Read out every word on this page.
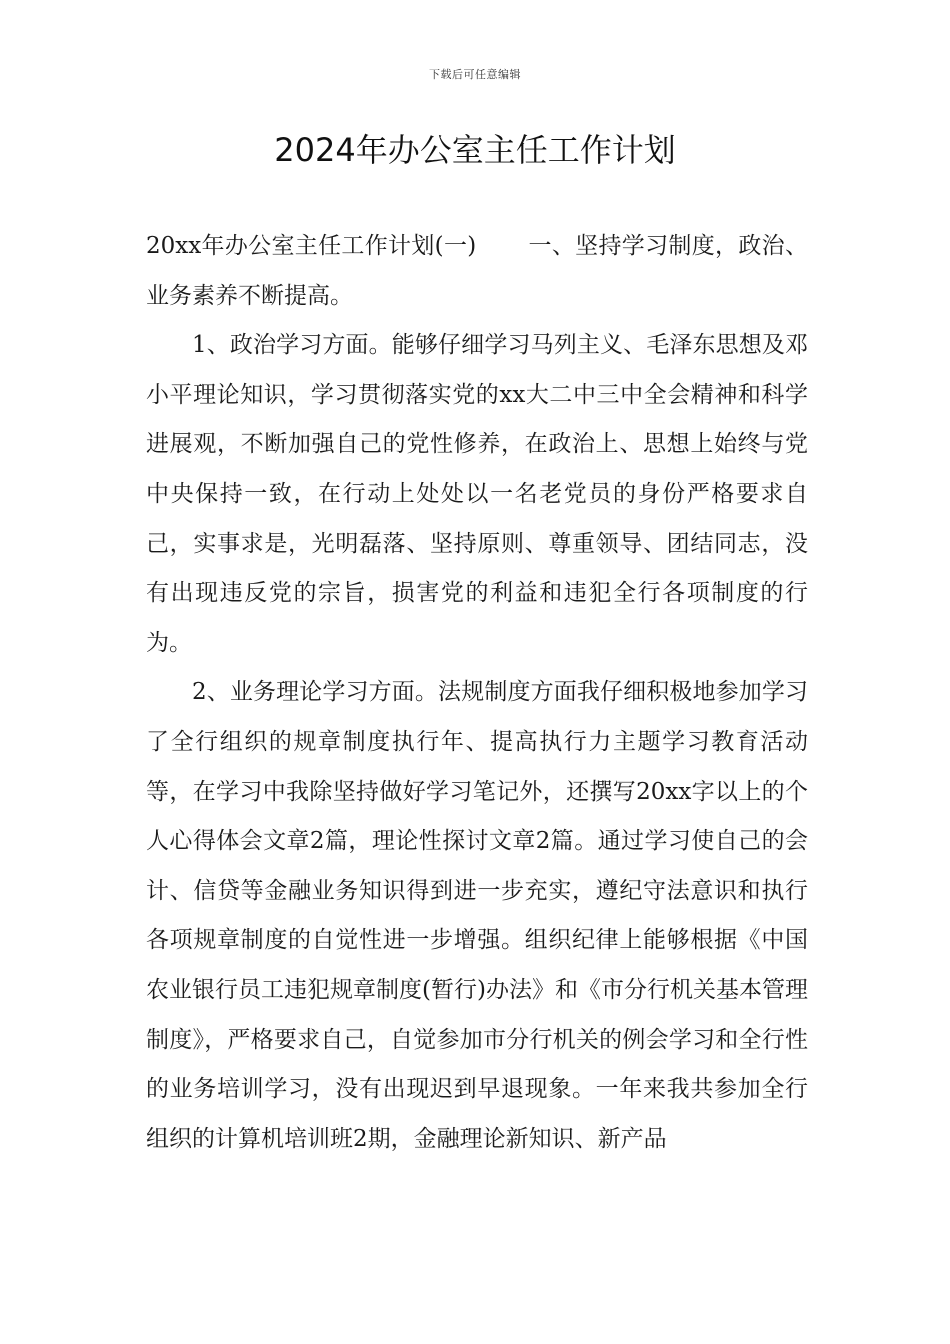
下载后可任意编辑
2024年办公室主任工作计划

20xx年办公室主任工作计划(一) 一、坚持学习制度，政治、业务素养不断提高。

1、政治学习方面。能够仔细学习马列主义、毛泽东思想及邓小平理论知识，学习贯彻落实党的xx大二中三中全会精神和科学进展观，不断加强自己的党性修养，在政治上、思想上始终与党中央保持一致，在行动上处处以一名老党员的身份严格要求自己，实事求是，光明磊落、坚持原则、尊重领导、团结同志，没有出现违反党的宗旨，损害党的利益和违犯全行各项制度的行为。

2、业务理论学习方面。法规制度方面我仔细积极地参加学习了全行组织的规章制度执行年、提高执行力主题学习教育活动等，在学习中我除坚持做好学习笔记外，还撰写20xx字以上的个人心得体会文章2篇，理论性探讨文章2篇。通过学习使自己的会计、信贷等金融业务知识得到进一步充实，遵纪守法意识和执行各项规章制度的自觉性进一步增强。组织纪律上能够根据《中国农业银行员工违犯规章制度(暂行)办法》和《市分行机关基本管理制度》，严格要求自己，自觉参加市分行机关的例会学习和全行性的业务培训学习，没有出现迟到早退现象。一年来我共参加全行组织的计算机培训班2期，金融理论新知识、新产品
